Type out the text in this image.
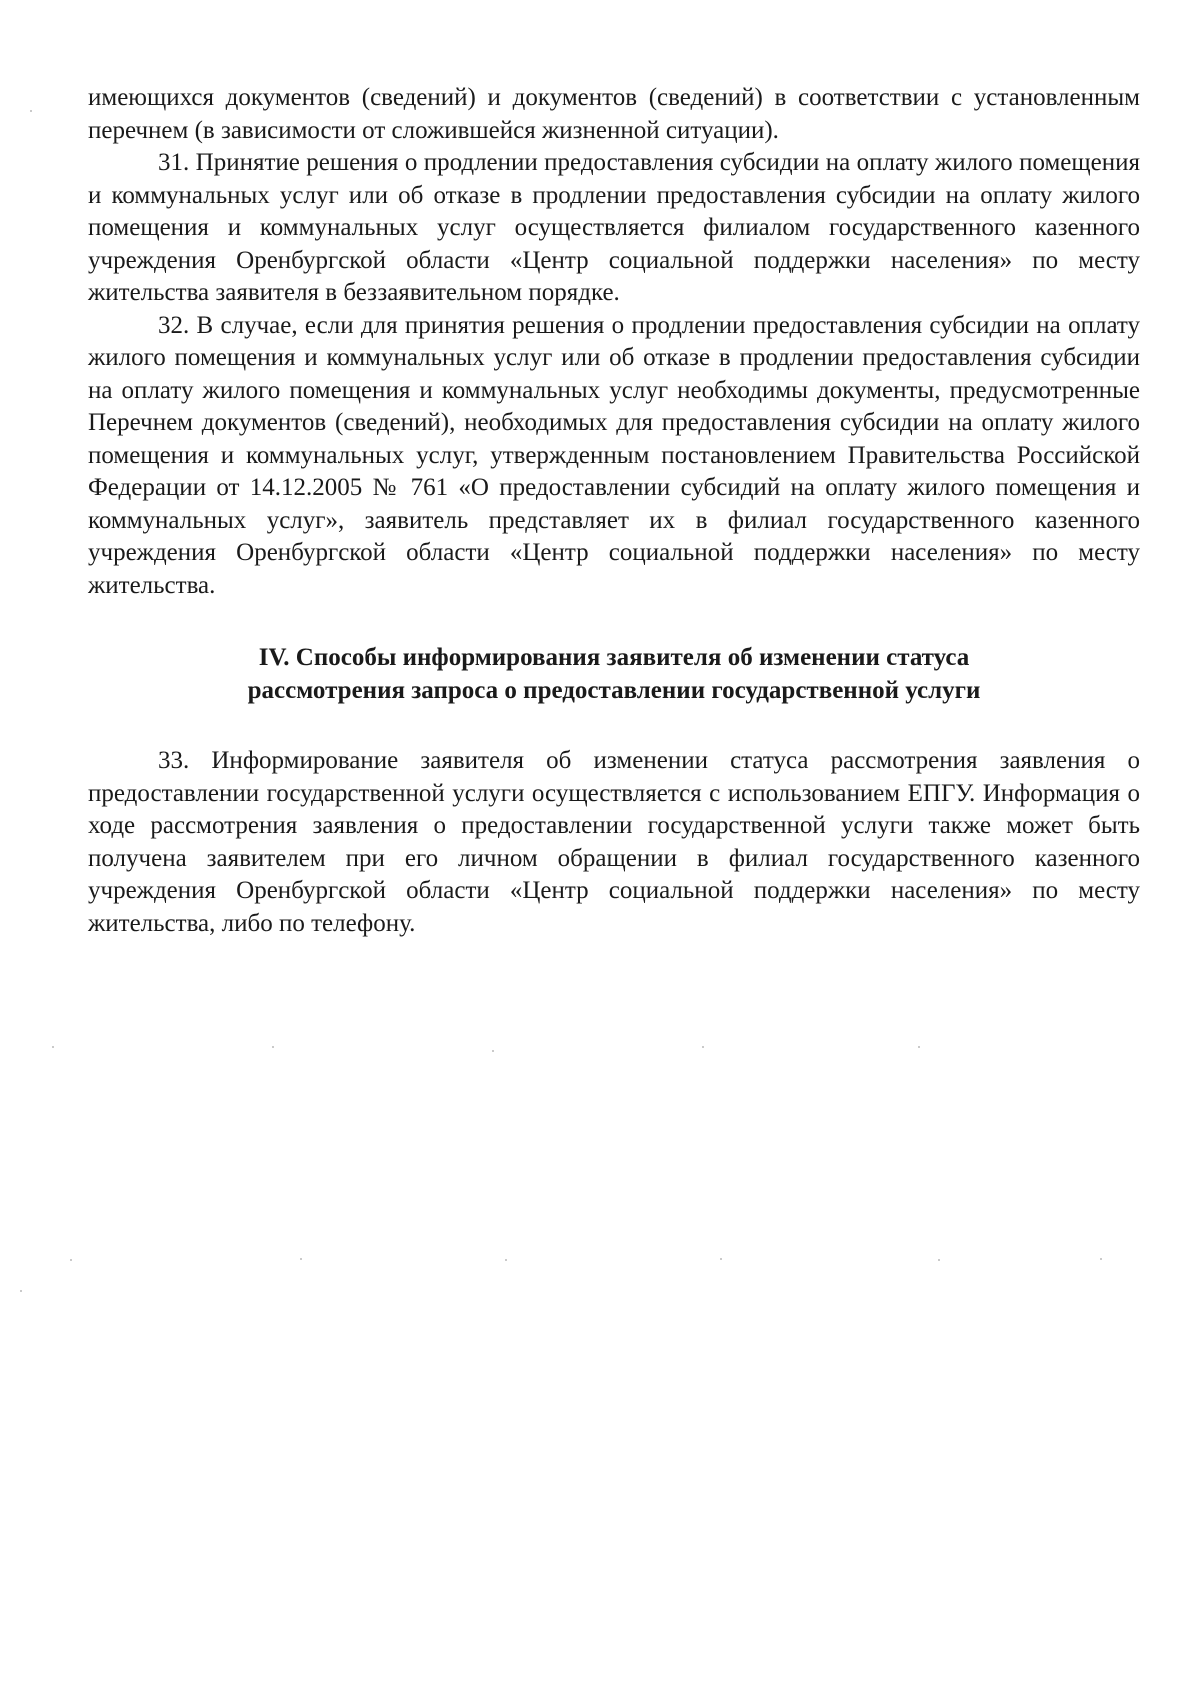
имеющихся документов (сведений) и документов (сведений) в соответствии с установленным перечнем (в зависимости от сложившейся жизненной ситуации).

31. Принятие решения о продлении предоставления субсидии на оплату жилого помещения и коммунальных услуг или об отказе в продлении предоставления субсидии на оплату жилого помещения и коммунальных услуг осуществляется филиалом государственного казенного учреждения Оренбургской области «Центр социальной поддержки населения» по месту жительства заявителя в беззаявительном порядке.

32. В случае, если для принятия решения о продлении предоставления субсидии на оплату жилого помещения и коммунальных услуг или об отказе в продлении предоставления субсидии на оплату жилого помещения и коммунальных услуг необходимы документы, предусмотренные Перечнем документов (сведений), необходимых для предоставления субсидии на оплату жилого помещения и коммунальных услуг, утвержденным постановлением Правительства Российской Федерации от 14.12.2005 № 761 «О предоставлении субсидий на оплату жилого помещения и коммунальных услуг», заявитель представляет их в филиал государственного казенного учреждения Оренбургской области «Центр социальной поддержки населения» по месту жительства.

IV. Способы информирования заявителя об изменении статуса
рассмотрения запроса о предоставлении государственной услуги

33. Информирование заявителя об изменении статуса рассмотрения заявления о предоставлении государственной услуги осуществляется с использованием ЕПГУ. Информация о ходе рассмотрения заявления о предоставлении государственной услуги также может быть получена заявителем при его личном обращении в филиал государственного казенного учреждения Оренбургской области «Центр социальной поддержки населения» по месту жительства, либо по телефону.
